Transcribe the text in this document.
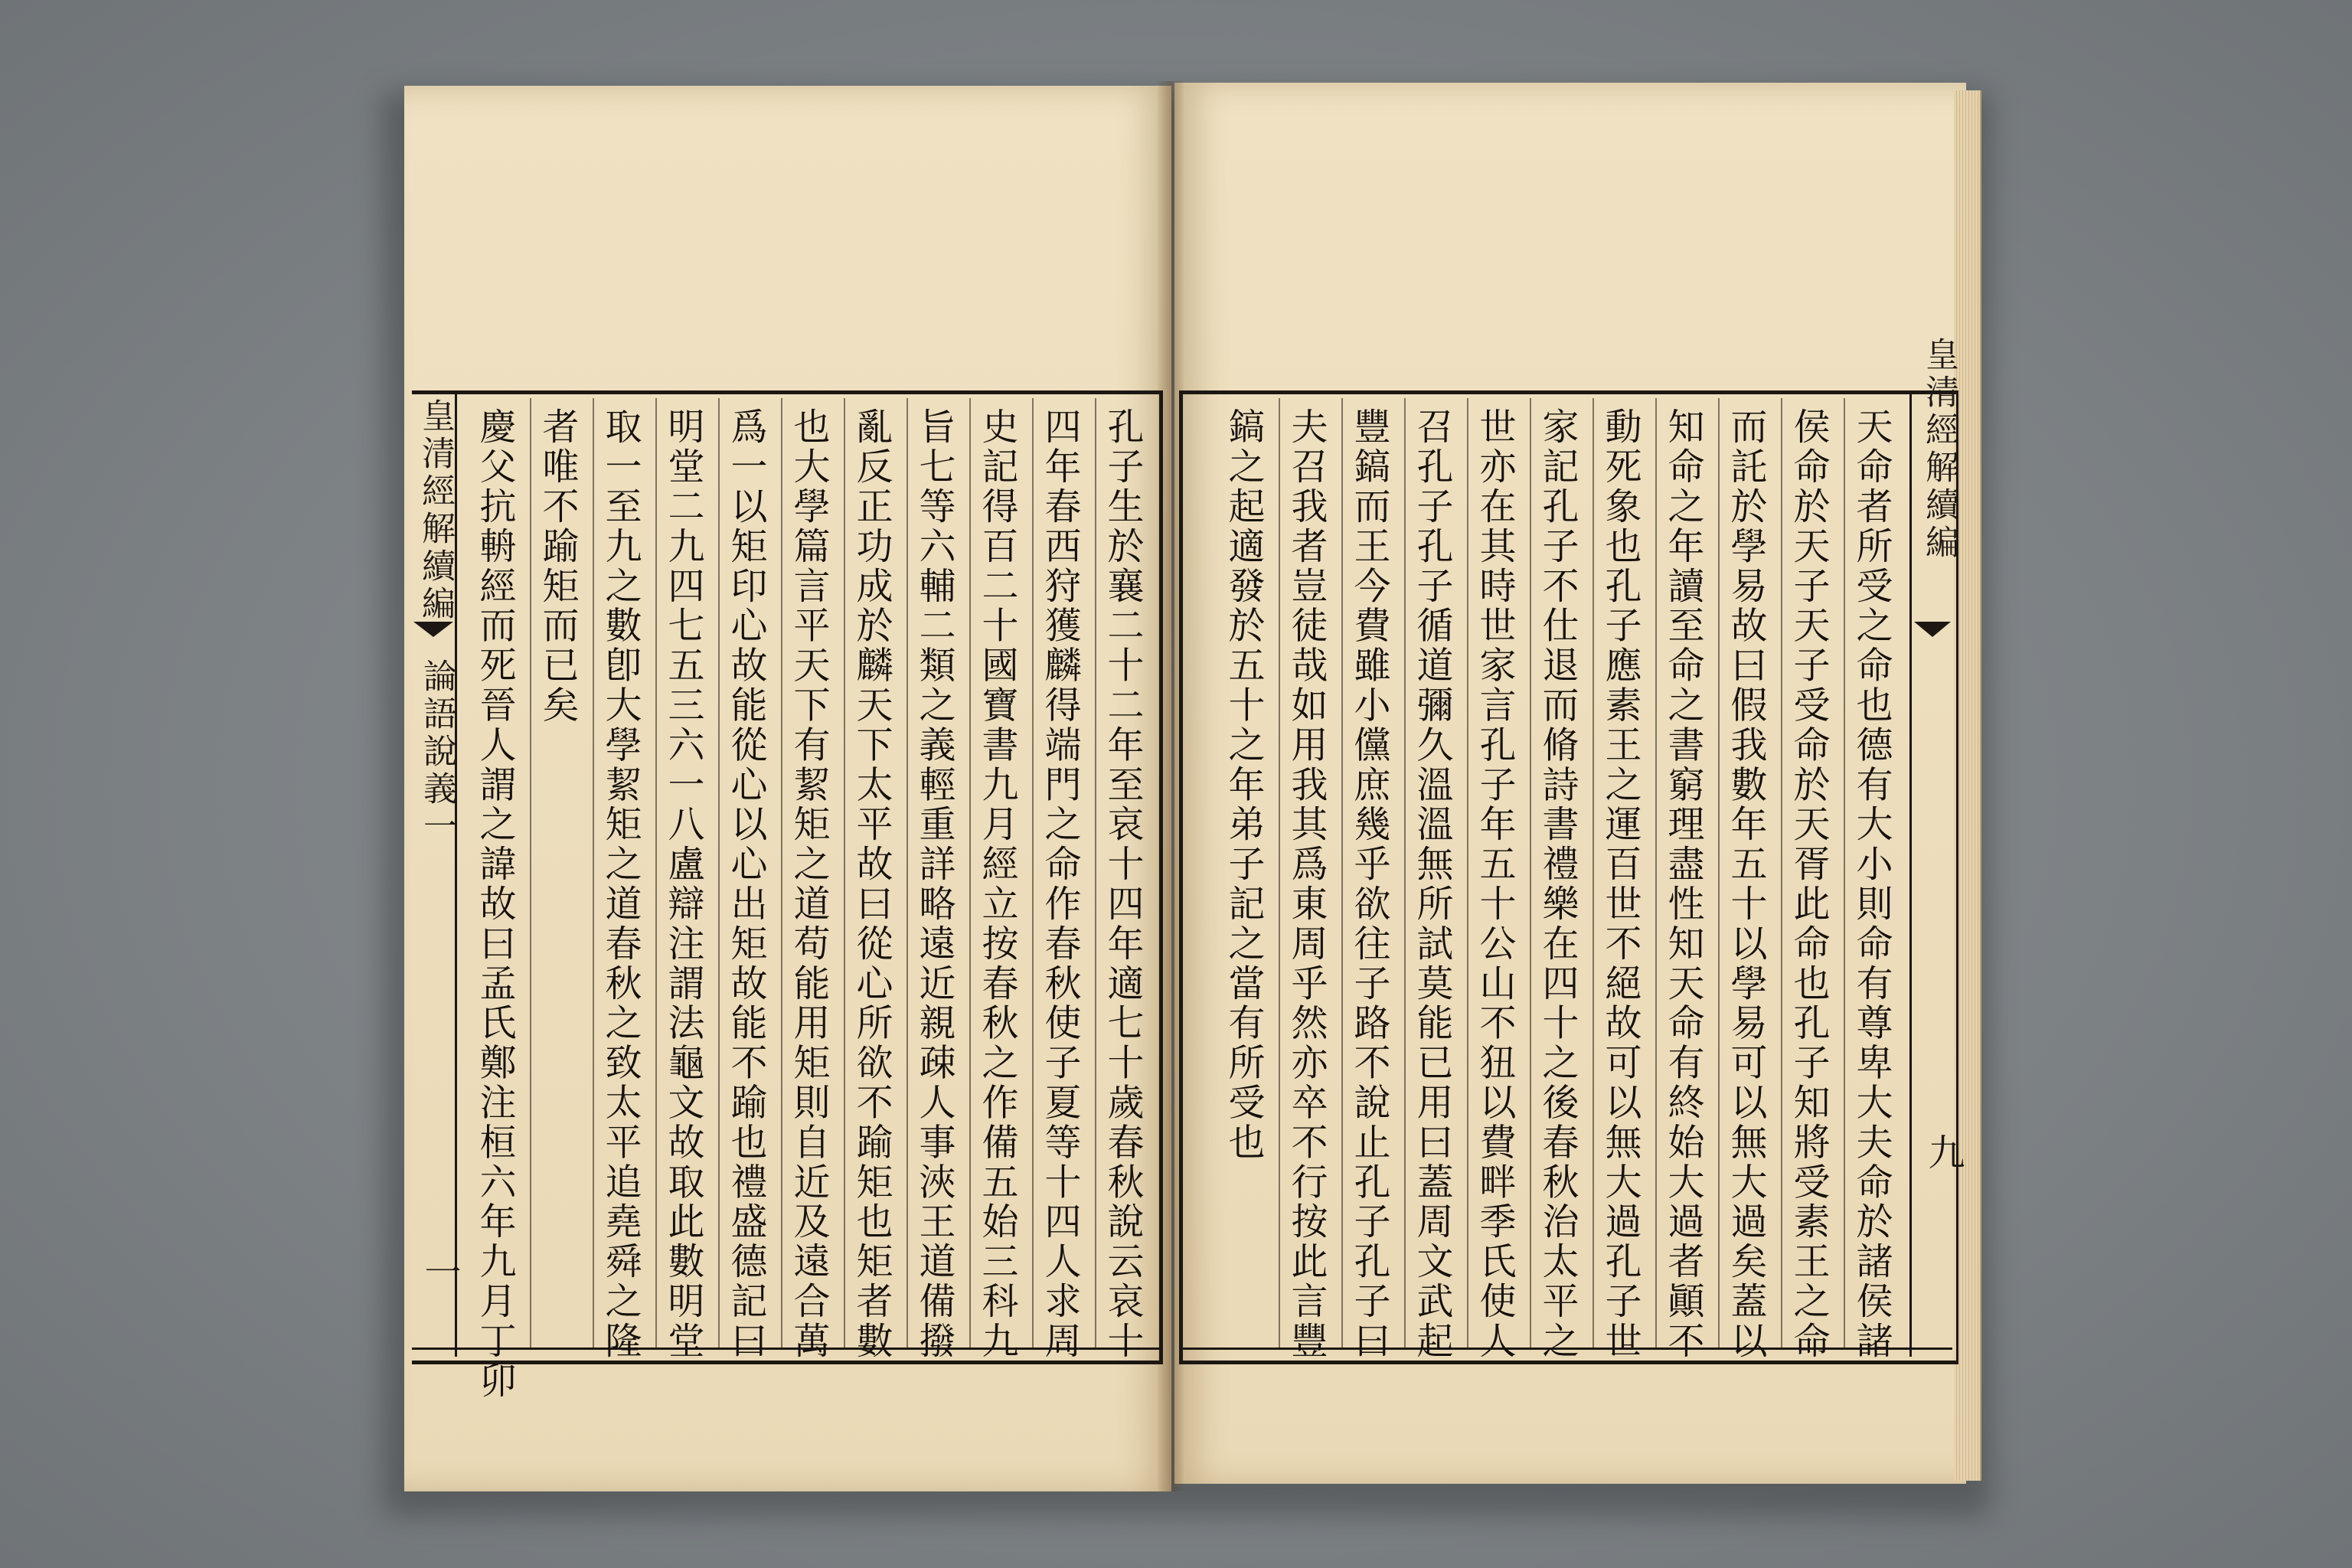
皇清經解續編
論語說義一
一	孔子生於襄二十二年至哀十四年適七十歲春秋說云哀十
四年春西狩獲麟得端門之命作春秋使子夏等十四人求周
史記得百二十國寶書九月經立按春秋之作備五始三科九
旨七等六輔二類之義輕重詳略遠近親疎人事浹王道備撥
亂反正功成於麟天下太平故曰從心所欲不踰矩也矩者數
也大學篇言平天下有絜矩之道苟能用矩則自近及遠合萬
爲一以矩印心故能從心以心出矩故能不踰也禮盛德記曰
明堂二九四七五三六一八盧辯注謂法龜文故取此數明堂
取一至九之數卽大學絜矩之道春秋之致太平追堯舜之隆
者唯不踰矩而已矣
慶父抗輈經而死晉人謂之諱故曰孟氏鄭注桓六年九月丁卯	天命者所受之命也德有大小則命有尊卑大夫命於諸侯諸
侯命於天子天子受命於天胥此命也孔子知將受素王之命
而託於學易故曰假我數年五十以學易可以無大過矣蓋以
知命之年讀至命之書窮理盡性知天命有終始大過者顚不
動死象也孔子應素王之運百世不絕故可以無大過孔子世
家記孔子不仕退而脩詩書禮樂在四十之後春秋治太平之
世亦在其時世家言孔子年五十公山不狃以費畔季氏使人
召孔子孔子循道彌久溫溫無所試莫能已用曰蓋周文武起
豐鎬而王今費雖小儻庶幾乎欲往子路不說止孔子孔子曰
夫召我者豈徒哉如用我其爲東周乎然亦卒不行按此言豐
鎬之起適發於五十之年弟子記之當有所受也	皇清經解續編
九
